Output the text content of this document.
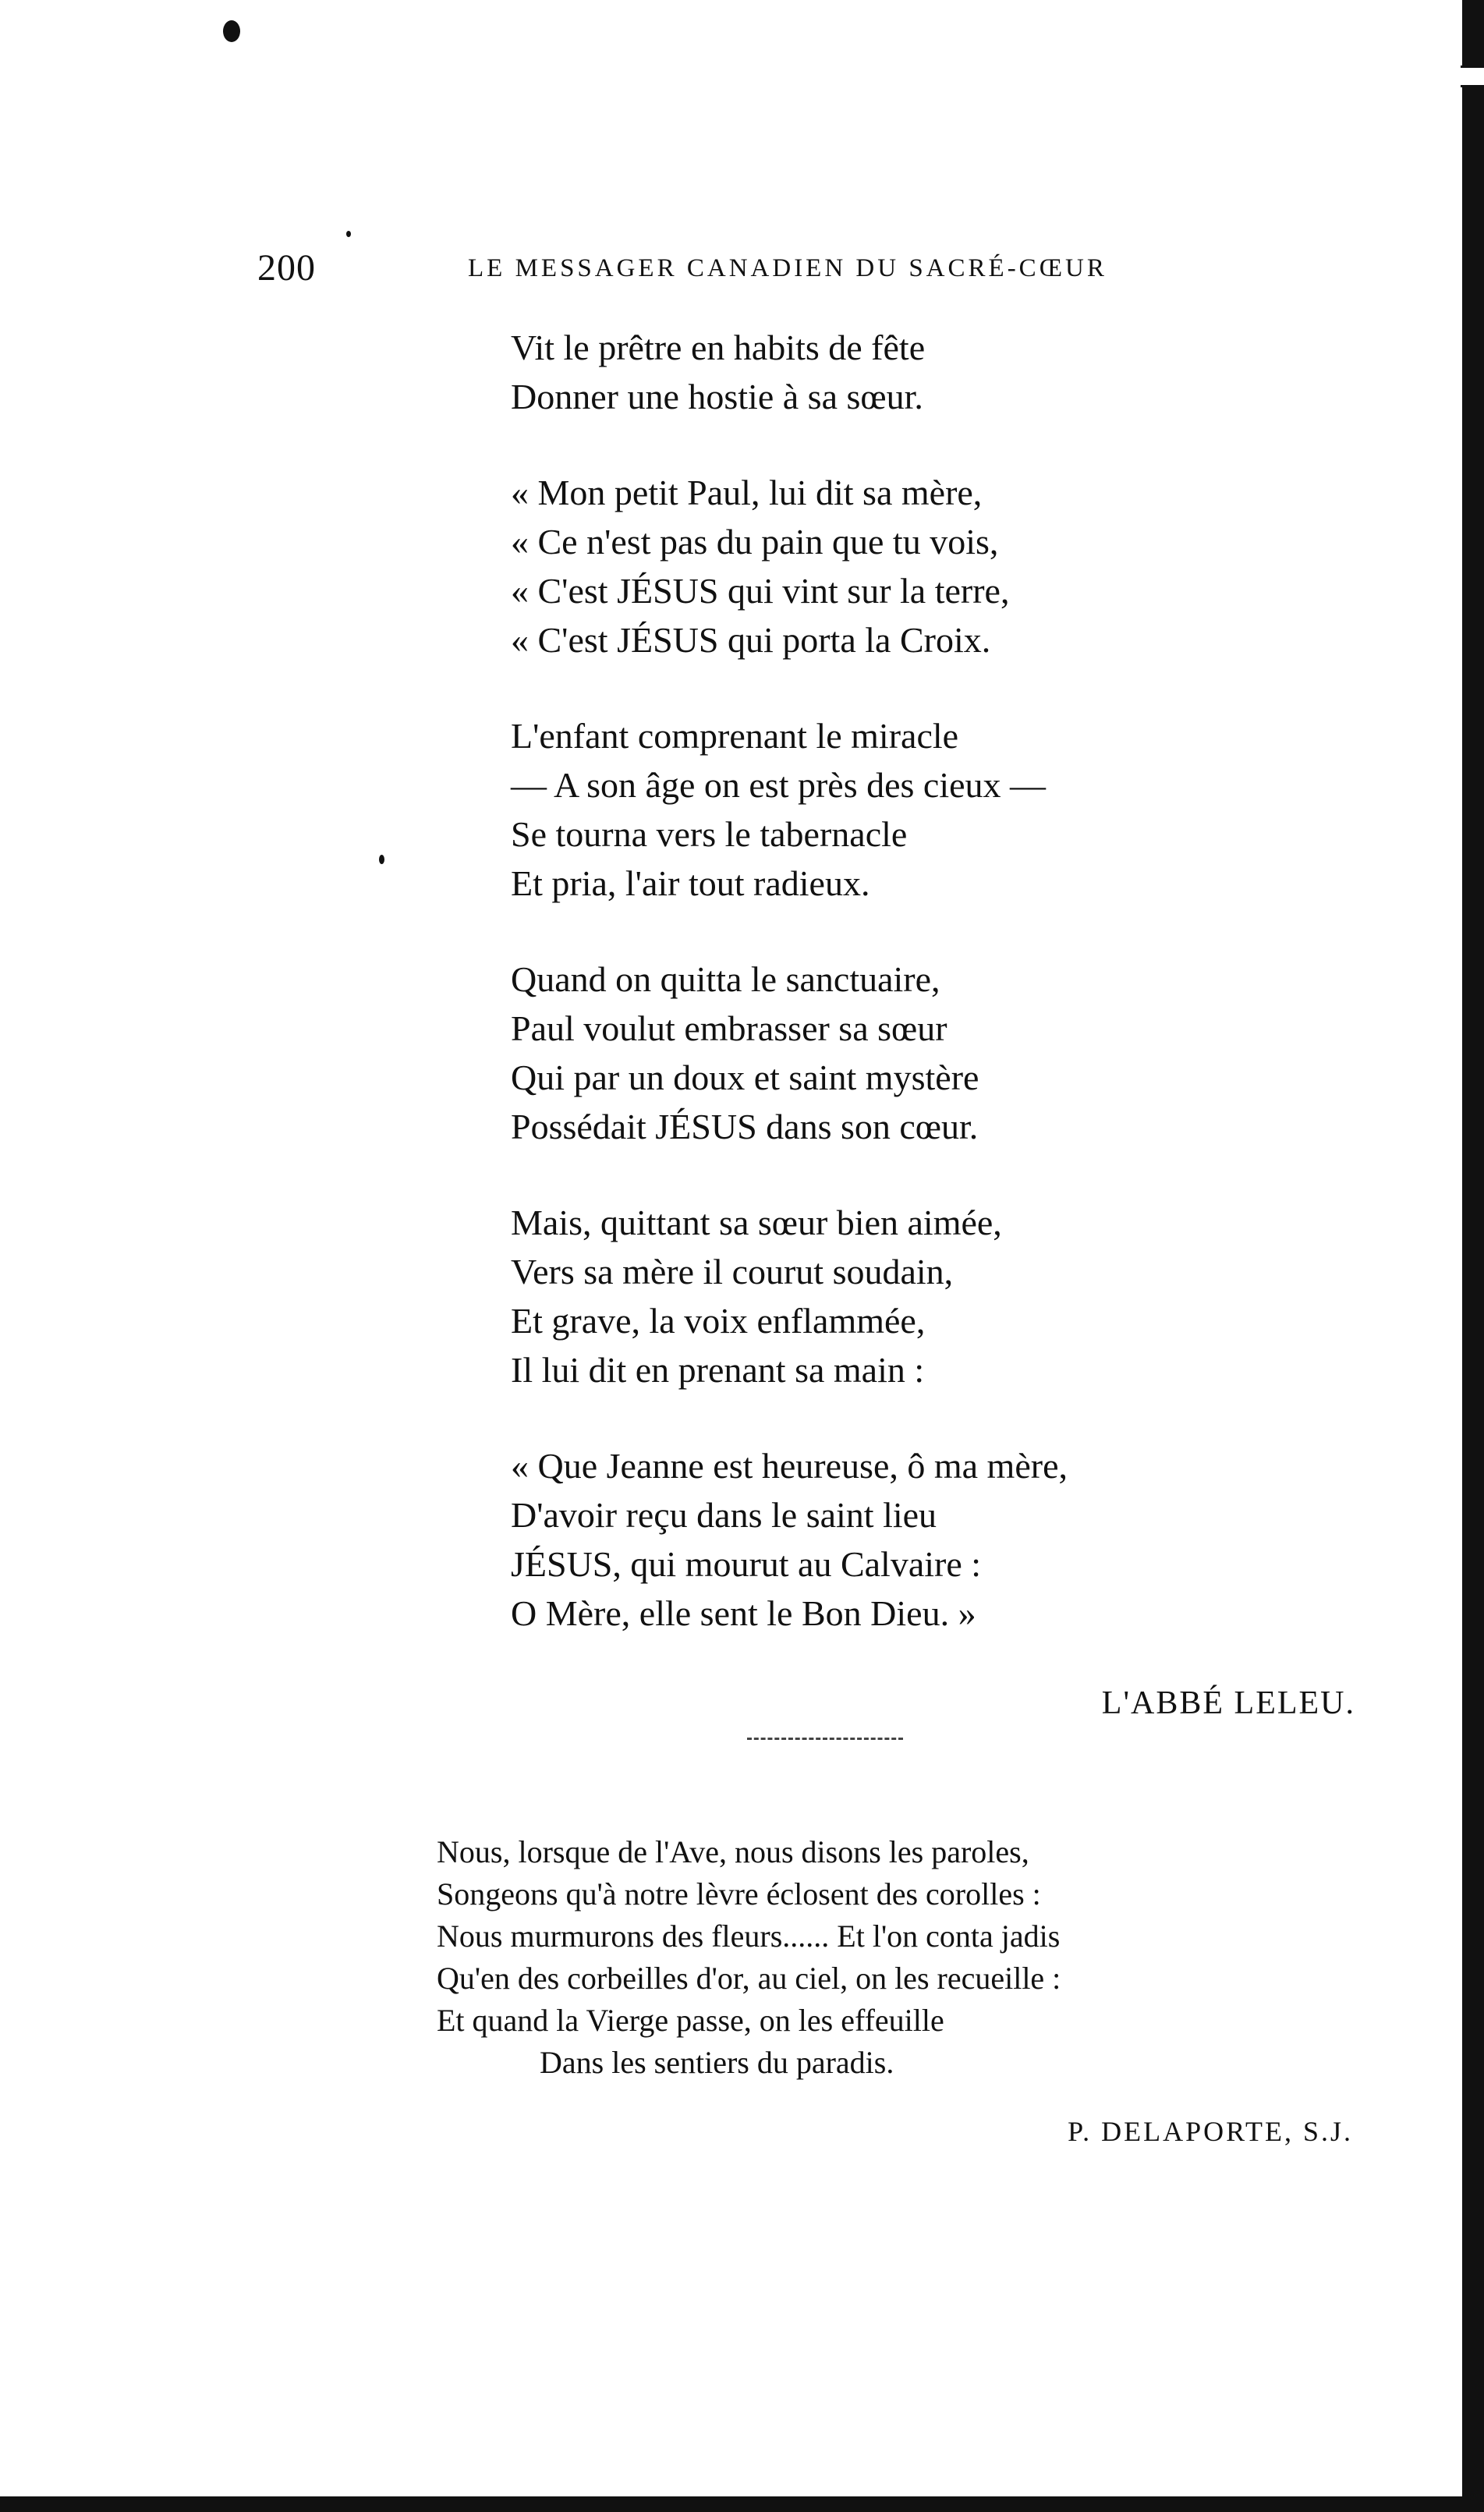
200	LE MESSAGER CANADIEN DU SACRÉ-CŒUR
Vit le prêtre en habits de fête
Donner une hostie à sa sœur.
« Mon petit Paul, lui dit sa mère,
« Ce n'est pas du pain que tu vois,
« C'est JÉSUS qui vint sur la terre,
« C'est JÉSUS qui porta la Croix.
L'enfant comprenant le miracle
— A son âge on est près des cieux —
Se tourna vers le tabernacle
Et pria, l'air tout radieux.
Quand on quitta le sanctuaire,
Paul voulut embrasser sa sœur
Qui par un doux et saint mystère
Possédait JÉSUS dans son cœur.
Mais, quittant sa sœur bien aimée,
Vers sa mère il courut soudain,
Et grave, la voix enflammée,
Il lui dit en prenant sa main :
« Que Jeanne est heureuse, ô ma mère,
D'avoir reçu dans le saint lieu
JÉSUS, qui mourut au Calvaire :
O Mère, elle sent le Bon Dieu. »
L'ABBÉ LELEU.
Nous, lorsque de l'Ave, nous disons les paroles,
Songeons qu'à notre lèvre éclosent des corolles :
Nous murmurons des fleurs...... Et l'on conta jadis
Qu'en des corbeilles d'or, au ciel, on les recueille :
Et quand la Vierge passe, on les effeuille
Dans les sentiers du paradis.
P. DELAPORTE, S.J.
